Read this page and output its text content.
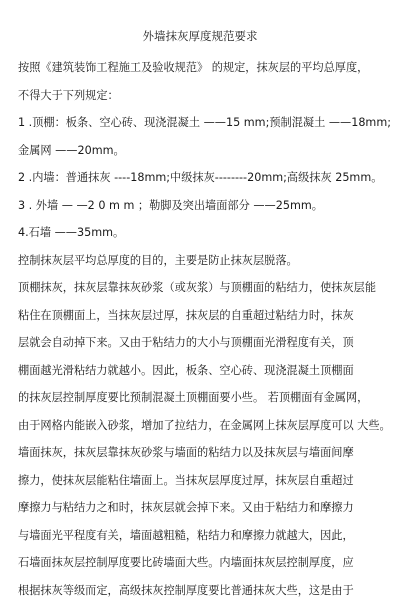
外墙抹灰厚度规范要求
按照《建筑装饰工程施工及验收规范》 的规定，抹灰层的平均总厚度，
不得大于下列规定：
1 .顶棚：板条、空心砖、现浇混凝土 ——15 mm;预制混凝土 ——18mm;
金属网 ——20mm。
2 .内墙：普通抹灰 ----18mm;中级抹灰--------20mm;高级抹灰 25mm。
3 . 外墙 — —2 0 m m ；勒脚及突出墙面部分 ——25mm。
4.石墙 ——35mm。
控制抹灰层平均总厚度的目的，主要是防止抹灰层脱落。
顶棚抹灰，抹灰层靠抹灰砂浆（或灰浆）与顶棚面的粘结力，使抹灰层能
粘住在顶棚面上，当抹灰层过厚，抹灰层的自重超过粘结力时，抹灰
层就会自动掉下来。又由于粘结力的大小与顶棚面光滑程度有关，顶
棚面越光滑粘结力就越小。因此，板条、空心砖、现浇混凝土顶棚面
的抹灰层控制厚度要比预制混凝土顶棚面要小些。 若顶棚面有金属网，
由于网格内能嵌入砂浆，增加了拉结力，在金属网上抹灰层厚度可以 大些。
墙面抹灰，抹灰层靠抹灰砂浆与墙面的粘结力以及抹灰层与墙面间摩
擦力，使抹灰层能粘住墙面上。当抹灰层厚度过厚，抹灰层自重超过
摩擦力与粘结力之和时，抹灰层就会掉下来。又由于粘结力和摩擦力
与墙面光平程度有关，墙面越粗糙，粘结力和摩擦力就越大，因此，
石墙面抹灰层控制厚度要比砖墙面大些。内墙面抹灰层控制厚度，应
根据抹灰等级而定，高级抹灰控制厚度要比普通抹灰大些，这是由于
